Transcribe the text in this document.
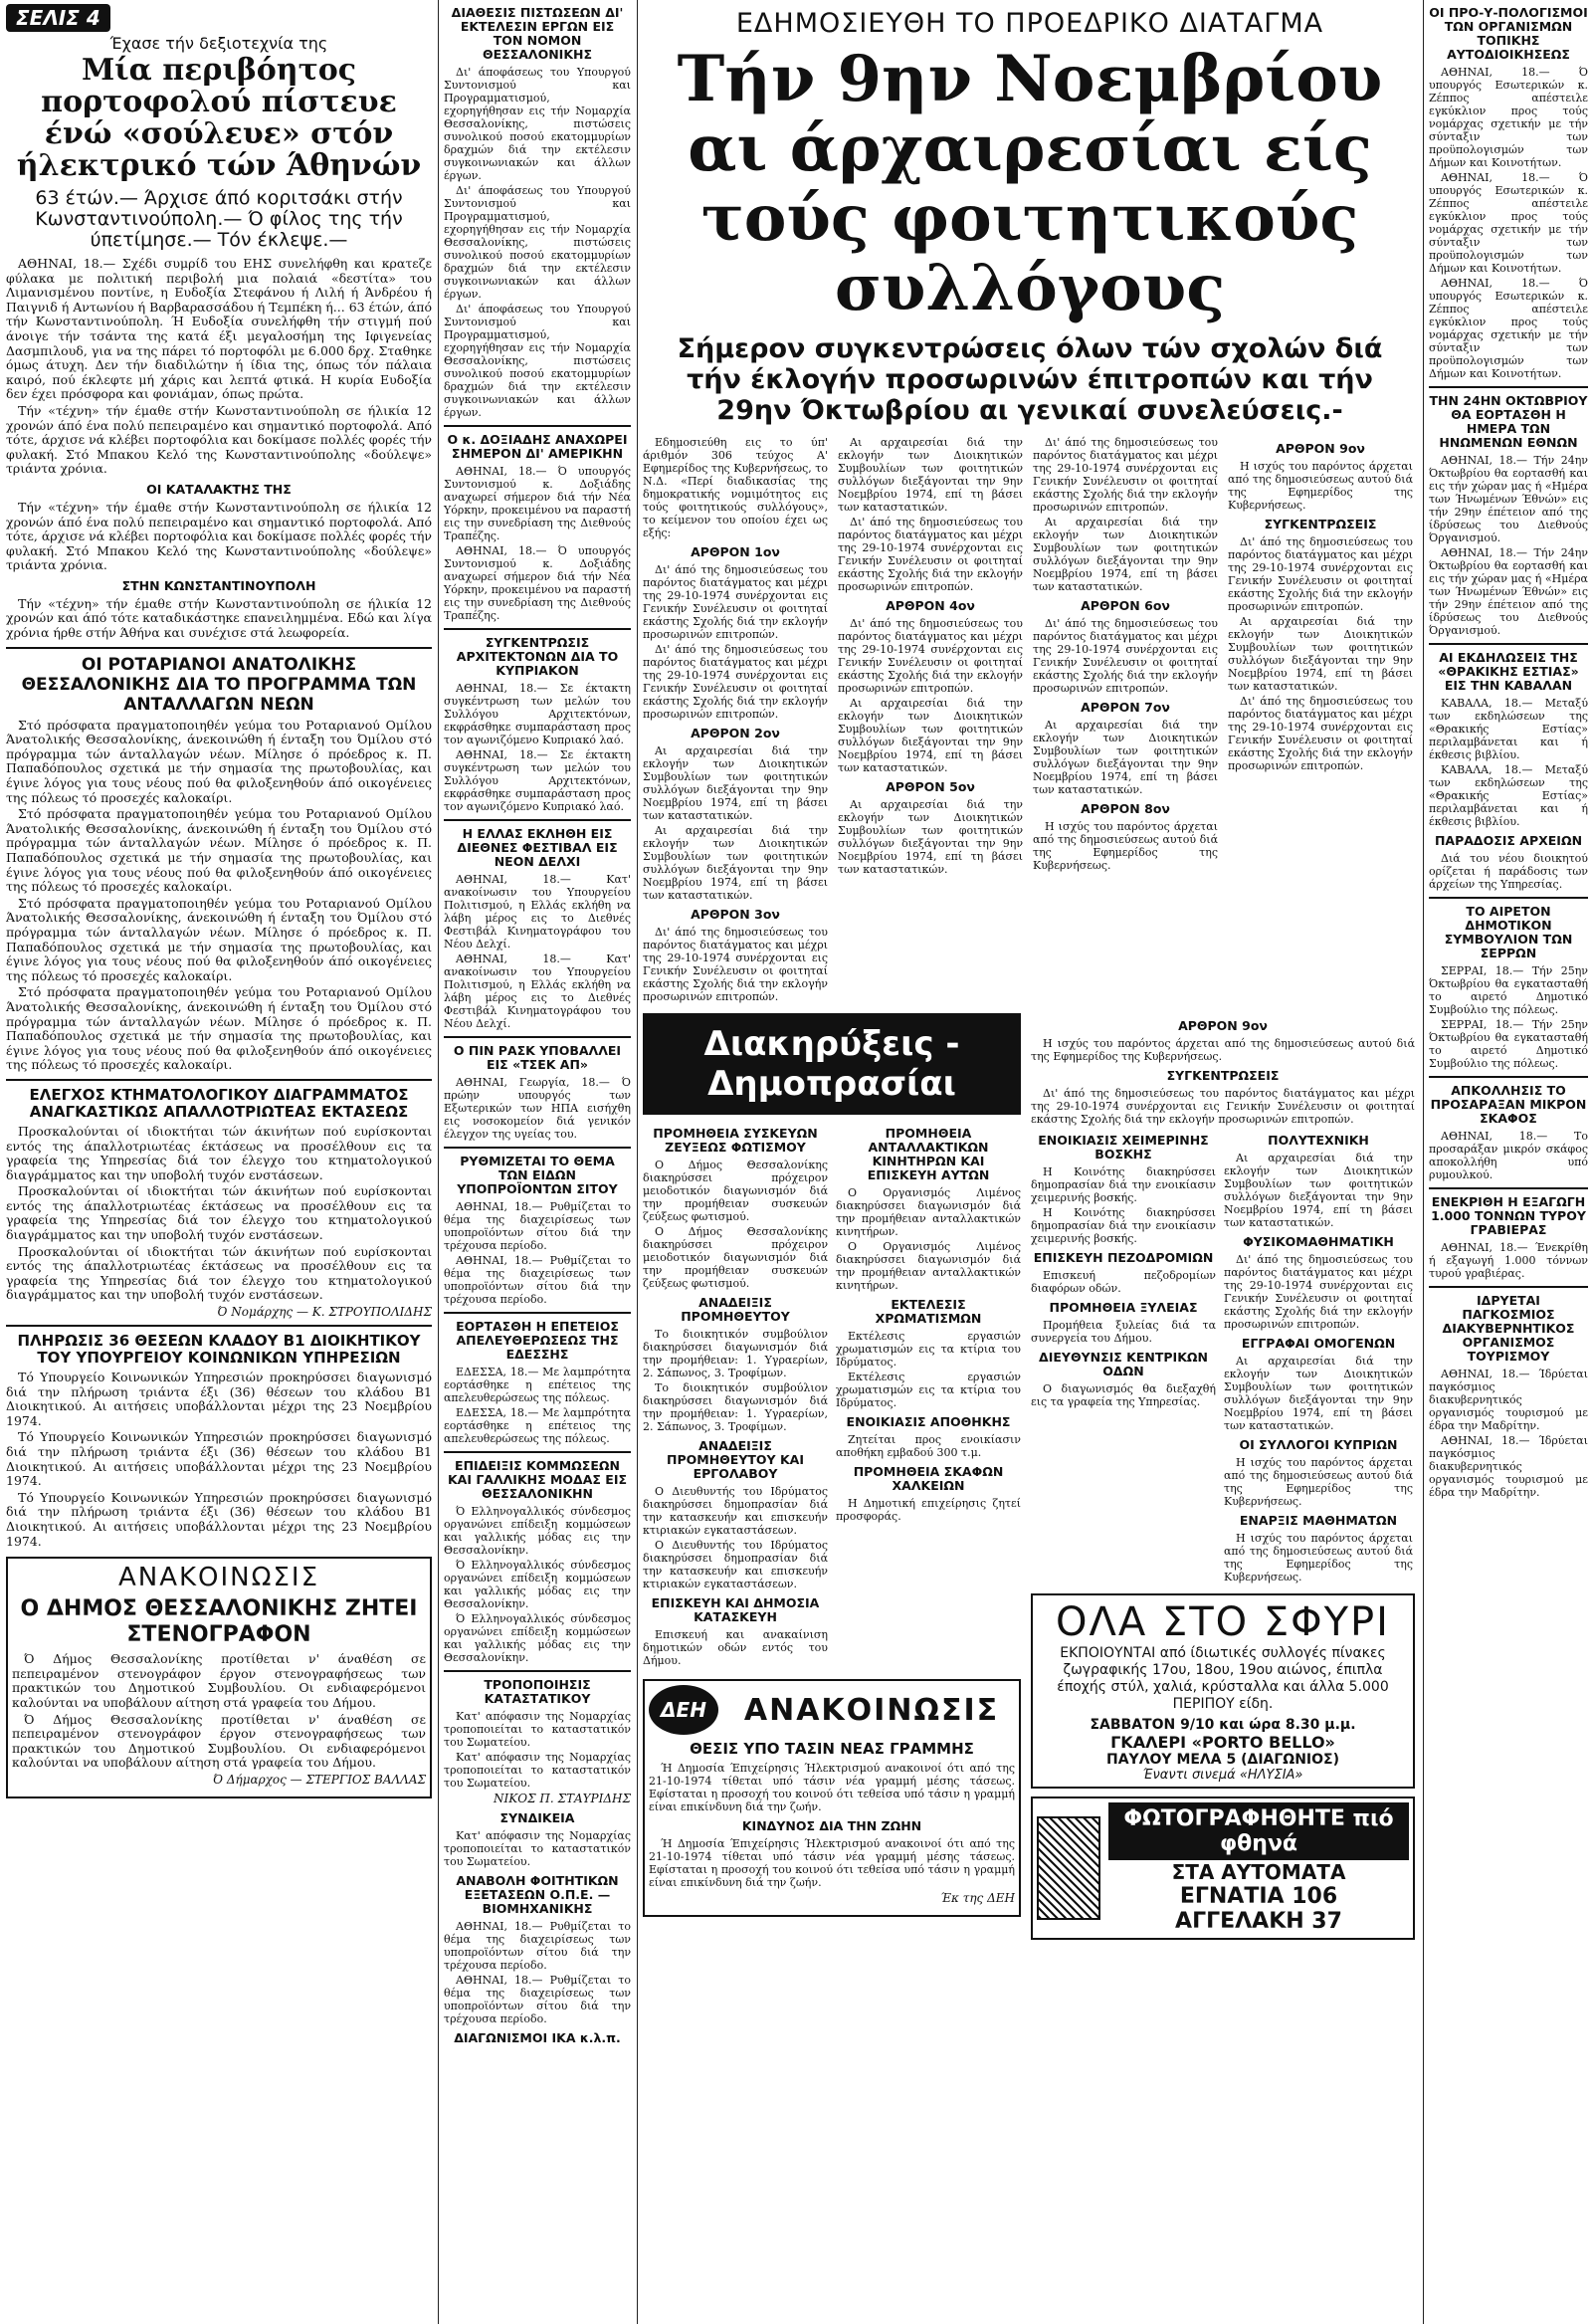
ΣΕΛΙΣ 4
Έχασε τήν δεξιοτεχνία της
Μία περιβόητος πορτοφολού πίστευε ένώ «σούλευε» στόν ήλεκτρικό τών Άθηνών
63 έτών.— Άρχισε άπό κοριτσάκι στήν Κωνσταντινούπολη.— Ό φίλος της τήν ύπετίμησε.— Τόν έκλεψε.—

ΑΘΗΝΑΙ, 18.— Σχέδι συμρίδ του ΕΗΣ συνελήφθη και κρατεζε φύλακα με πολιτική περιβολή μια πολαιά «δεστίτα» του Λιμανισμένου ποντίνε, η Ευδοξία Στεφάνου ή Λιλή ή Άνδρέου ή Παιγνιδ ή Αντωνίου ή Βαρβαρασσάδου ή Τεμπέκη ή... 63 έτών, άπό τήν Κωνσταντινούπολη. Ή Ευδοξία συνελήφθη τήν στιγμή πού άνοιγε τήν τσάντα της κατά έξι μεγαλοσήμη της Ιφιγενείας Δασμπιλουδ, για να της πάρει τό πορτοφόλι με 6.000 δρχ. Σταθηκε όμως άτυχη. Δεν τήν διαδιλώτην ή ίδια της, όπως τόν πάλαια καιρό, πού έκλεφτε μή χάρις και λεπτά φτικά. Η κυρία Ευδοξία δεν έχει πρόσφορα και φονιάμαν, όπως πρώτα.

Τήν «τέχνη» τήν έμαθε στήν Κωνσταντινούπολη σε ήλικία 12 χρονών άπό ένα πολύ πεπειραμένο και σημαντικό πορτοφολά. Από τότε, άρχισε νά κλέβει πορτοφόλια και δοκίμασε πολλές φορές τήν φυλακή. Στό Μπακου Κελό της Κωνσταντινούπολης «δούλεψε» τριάντα χρόνια.

ΟΙ ΚΑΤΑΛΑΚΤΗΣ ΤΗΣ

Τήν «τέχνη» τήν έμαθε στήν Κωνσταντινούπολη σε ήλικία 12 χρονών άπό ένα πολύ πεπειραμένο και σημαντικό πορτοφολά. Από τότε, άρχισε νά κλέβει πορτοφόλια και δοκίμασε πολλές φορές τήν φυλακή. Στό Μπακου Κελό της Κωνσταντινούπολης «δούλεψε» τριάντα χρόνια.

ΣΤΗΝ ΚΩΝΣΤΑΝΤΙΝΟΥΠΟΛΗ

Τήν «τέχνη» τήν έμαθε στήν Κωνσταντινούπολη σε ήλικία 12 χρονών και άπό τότε καταδικάστηκε επανειλημμένα. Εδώ και λίγα χρόνια ήρθε στήν Άθήνα και συνέχισε στά λεωφορεία.

ΟΙ ΡΟΤΑΡΙΑΝΟΙ ΑΝΑΤΟΛΙΚΗΣ ΘΕΣΣΑΛΟΝΙΚΗΣ ΔΙΑ ΤΟ ΠΡΟΓΡΑΜΜΑ ΤΩΝ ΑΝΤΑΛΛΑΓΩΝ ΝΕΩΝ

Στό πρόσφατα πραγματοποιηθέν γεύμα του Ροταριανού Ομίλου Άνατολικής Θεσσαλονίκης, άνεκοινώθη ή ένταξη του Όμίλου στό πρόγραμμα τών άνταλλαγών νέων. Μίλησε ό πρόεδρος κ. Π. Παπαδόπουλος σχετικά με τήν σημασία της πρωτοβουλίας, και έγινε λόγος για τους νέους πού θα φιλοξενηθούν άπό οικογένειες της πόλεως τό προσεχές καλοκαίρι.

Στό πρόσφατα πραγματοποιηθέν γεύμα του Ροταριανού Ομίλου Άνατολικής Θεσσαλονίκης, άνεκοινώθη ή ένταξη του Όμίλου στό πρόγραμμα τών άνταλλαγών νέων. Μίλησε ό πρόεδρος κ. Π. Παπαδόπουλος σχετικά με τήν σημασία της πρωτοβουλίας, και έγινε λόγος για τους νέους πού θα φιλοξενηθούν άπό οικογένειες της πόλεως τό προσεχές καλοκαίρι.

Στό πρόσφατα πραγματοποιηθέν γεύμα του Ροταριανού Ομίλου Άνατολικής Θεσσαλονίκης, άνεκοινώθη ή ένταξη του Όμίλου στό πρόγραμμα τών άνταλλαγών νέων. Μίλησε ό πρόεδρος κ. Π. Παπαδόπουλος σχετικά με τήν σημασία της πρωτοβουλίας, και έγινε λόγος για τους νέους πού θα φιλοξενηθούν άπό οικογένειες της πόλεως τό προσεχές καλοκαίρι.

Στό πρόσφατα πραγματοποιηθέν γεύμα του Ροταριανού Ομίλου Άνατολικής Θεσσαλονίκης, άνεκοινώθη ή ένταξη του Όμίλου στό πρόγραμμα τών άνταλλαγών νέων. Μίλησε ό πρόεδρος κ. Π. Παπαδόπουλος σχετικά με τήν σημασία της πρωτοβουλίας, και έγινε λόγος για τους νέους πού θα φιλοξενηθούν άπό οικογένειες της πόλεως τό προσεχές καλοκαίρι.

ΕΛΕΓΧΟΣ ΚΤΗΜΑΤΟΛΟΓΙΚΟΥ ΔΙΑΓΡΑΜΜΑΤΟΣ ΑΝΑΓΚΑΣΤΙΚΩΣ ΑΠΑΛΛΟΤΡΙΩΤΕΑΣ ΕΚΤΑΣΕΩΣ

Προσκαλούνται οί ιδιοκτήται τών άκινήτων πού ευρίσκονται εντός της άπαλλοτριωτέας έκτάσεως να προσέλθουν εις τα γραφεία της Υπηρεσίας διά τον έλεγχο του κτηματολογικού διαγράμματος και την υποβολή τυχόν ενστάσεων.

Προσκαλούνται οί ιδιοκτήται τών άκινήτων πού ευρίσκονται εντός της άπαλλοτριωτέας έκτάσεως να προσέλθουν εις τα γραφεία της Υπηρεσίας διά τον έλεγχο του κτηματολογικού διαγράμματος και την υποβολή τυχόν ενστάσεων.

Προσκαλούνται οί ιδιοκτήται τών άκινήτων πού ευρίσκονται εντός της άπαλλοτριωτέας έκτάσεως να προσέλθουν εις τα γραφεία της Υπηρεσίας διά τον έλεγχο του κτηματολογικού διαγράμματος και την υποβολή τυχόν ενστάσεων.

Ό Νομάρχης — Κ. ΣΤΡΟΥΠΟΛΙΔΗΣ
ΠΛΗΡΩΣΙΣ 36 ΘΕΣΕΩΝ ΚΛΑΔΟΥ Β1 ΔΙΟΙΚΗΤΙΚΟΥ ΤΟΥ ΥΠΟΥΡΓΕΙΟΥ ΚΟΙΝΩΝΙΚΩΝ ΥΠΗΡΕΣΙΩΝ

Τό Υπουργείο Κοινωνικών Υπηρεσιών προκηρύσσει διαγωνισμό διά την πλήρωση τριάντα έξι (36) θέσεων του κλάδου Β1 Διοικητικού. Αι αιτήσεις υποβάλλονται μέχρι της 23 Νοεμβρίου 1974.

Τό Υπουργείο Κοινωνικών Υπηρεσιών προκηρύσσει διαγωνισμό διά την πλήρωση τριάντα έξι (36) θέσεων του κλάδου Β1 Διοικητικού. Αι αιτήσεις υποβάλλονται μέχρι της 23 Νοεμβρίου 1974.

Τό Υπουργείο Κοινωνικών Υπηρεσιών προκηρύσσει διαγωνισμό διά την πλήρωση τριάντα έξι (36) θέσεων του κλάδου Β1 Διοικητικού. Αι αιτήσεις υποβάλλονται μέχρι της 23 Νοεμβρίου 1974.

ΑΝΑΚΟΙΝΩΣΙΣ
Ο ΔΗΜΟΣ ΘΕΣΣΑΛΟΝΙΚΗΣ ΖΗΤΕΙ ΣΤΕΝΟΓΡΑΦΟΝ

Ό Δήμος Θεσσαλονίκης προτίθεται ν' άναθέση σε πεπειραμένον στενογράφον έργον στενογραφήσεως των πρακτικών του Δημοτικού Συμβουλίου. Οι ενδιαφερόμενοι καλούνται να υποβάλουν αίτηση στά γραφεία του Δήμου.

Ό Δήμος Θεσσαλονίκης προτίθεται ν' άναθέση σε πεπειραμένον στενογράφον έργον στενογραφήσεως των πρακτικών του Δημοτικού Συμβουλίου. Οι ενδιαφερόμενοι καλούνται να υποβάλουν αίτηση στά γραφεία του Δήμου.

Ό Δήμαρχος — ΣΤΕΡΓΙΟΣ ΒΑΛΛΑΣ
ΔΙΑΘΕΣΙΣ ΠΙΣΤΩΣΕΩΝ ΔΙ' ΕΚΤΕΛΕΣΙΝ ΕΡΓΩΝ ΕΙΣ ΤΟΝ ΝΟΜΟΝ ΘΕΣΣΑΛΟΝΙΚΗΣ

Δι' άποφάσεως του Υπουργού Συντονισμού και Προγραμματισμού, εχορηγήθησαν εις τήν Νομαρχία Θεσσαλονίκης, πιστώσεις συνολικού ποσού εκατομμυρίων δραχμών διά την εκτέλεσιν συγκοινωνιακών και άλλων έργων.

Δι' άποφάσεως του Υπουργού Συντονισμού και Προγραμματισμού, εχορηγήθησαν εις τήν Νομαρχία Θεσσαλονίκης, πιστώσεις συνολικού ποσού εκατομμυρίων δραχμών διά την εκτέλεσιν συγκοινωνιακών και άλλων έργων.

Δι' άποφάσεως του Υπουργού Συντονισμού και Προγραμματισμού, εχορηγήθησαν εις τήν Νομαρχία Θεσσαλονίκης, πιστώσεις συνολικού ποσού εκατομμυρίων δραχμών διά την εκτέλεσιν συγκοινωνιακών και άλλων έργων.

Ο κ. ΔΟΞΙΑΔΗΣ ΑΝΑΧΩΡΕΙ ΣΗΜΕΡΟΝ ΔΙ' ΑΜΕΡΙΚΗΝ

ΑΘΗΝΑΙ, 18.— Ό υπουργός Συντονισμού κ. Δοξιάδης αναχωρεί σήμερον διά τήν Νέα Υόρκην, προκειμένου να παραστή εις την συνεδρίαση της Διεθνούς Τραπέζης.

ΑΘΗΝΑΙ, 18.— Ό υπουργός Συντονισμού κ. Δοξιάδης αναχωρεί σήμερον διά τήν Νέα Υόρκην, προκειμένου να παραστή εις την συνεδρίαση της Διεθνούς Τραπέζης.

ΣΥΓΚΕΝΤΡΩΣΙΣ ΑΡΧΙΤΕΚΤΟΝΩΝ ΔΙΑ ΤΟ ΚΥΠΡΙΑΚΟΝ

ΑΘΗΝΑΙ, 18.— Σε έκτακτη συγκέντρωση των μελών του Συλλόγου Αρχιτεκτόνων, εκφράσθηκε συμπαράσταση προς τον αγωνιζόμενο Κυπριακό λαό.

ΑΘΗΝΑΙ, 18.— Σε έκτακτη συγκέντρωση των μελών του Συλλόγου Αρχιτεκτόνων, εκφράσθηκε συμπαράσταση προς τον αγωνιζόμενο Κυπριακό λαό.

Η ΕΛΛΑΣ ΕΚΛΗΘΗ ΕΙΣ ΔΙΕΘΝΕΣ ΦΕΣΤΙΒΑΛ ΕΙΣ ΝΕΟΝ ΔΕΛΧΙ

ΑΘΗΝΑΙ, 18.— Κατ' ανακοίνωσιν του Υπουργείου Πολιτισμού, η Ελλάς εκλήθη να λάβη μέρος εις το Διεθνές Φεστιβάλ Κινηματογράφου του Νέου Δελχί.

ΑΘΗΝΑΙ, 18.— Κατ' ανακοίνωσιν του Υπουργείου Πολιτισμού, η Ελλάς εκλήθη να λάβη μέρος εις το Διεθνές Φεστιβάλ Κινηματογράφου του Νέου Δελχί.

Ο ΠΙΝ ΡΑΣΚ ΥΠΟΒΑΛΛΕΙ ΕΙΣ «ΤΣΕΚ ΑΠ»

ΑΘΗΝΑΙ, Γεωργία, 18.— Ό πρώην υπουργός των Εξωτερικών των ΗΠΑ εισήχθη εις νοσοκομείον διά γενικόν έλεγχον της υγείας του.

ΡΥΘΜΙΖΕΤΑΙ ΤΟ ΘΕΜΑ ΤΩΝ ΕΙΔΩΝ ΥΠΟΠΡΟΪΟΝΤΩΝ ΣΙΤΟΥ

ΑΘΗΝΑΙ, 18.— Ρυθμίζεται το θέμα της διαχειρίσεως των υποπροϊόντων σίτου διά την τρέχουσα περίοδο.

ΑΘΗΝΑΙ, 18.— Ρυθμίζεται το θέμα της διαχειρίσεως των υποπροϊόντων σίτου διά την τρέχουσα περίοδο.

ΕΟΡΤΑΣΘΗ Η ΕΠΕΤΕΙΟΣ ΑΠΕΛΕΥΘΕΡΩΣΕΩΣ ΤΗΣ ΕΔΕΣΣΗΣ

ΕΔΕΣΣΑ, 18.— Με λαμπρότητα εορτάσθηκε η επέτειος της απελευθερώσεως της πόλεως.

ΕΔΕΣΣΑ, 18.— Με λαμπρότητα εορτάσθηκε η επέτειος της απελευθερώσεως της πόλεως.

ΕΠΙΔΕΙΞΙΣ ΚΟΜΜΩΣΕΩΝ ΚΑΙ ΓΑΛΛΙΚΗΣ ΜΟΔΑΣ ΕΙΣ ΘΕΣΣΑΛΟΝΙΚΗΝ

Ό Ελληνογαλλικός σύνδεσμος οργανώνει επίδειξη κομμώσεων και γαλλικής μόδας εις την Θεσσαλονίκην.

Ό Ελληνογαλλικός σύνδεσμος οργανώνει επίδειξη κομμώσεων και γαλλικής μόδας εις την Θεσσαλονίκην.

Ό Ελληνογαλλικός σύνδεσμος οργανώνει επίδειξη κομμώσεων και γαλλικής μόδας εις την Θεσσαλονίκην.

ΤΡΟΠΟΠΟΙΗΣΙΣ ΚΑΤΑΣΤΑΤΙΚΟΥ

Κατ' απόφασιν της Νομαρχίας τροποποιείται το καταστατικόν του Σωματείου.

Κατ' απόφασιν της Νομαρχίας τροποποιείται το καταστατικόν του Σωματείου.

ΝΙΚΟΣ Π. ΣΤΑΥΡΙΔΗΣ
ΣΥΝΔΙΚΕΙΑ

Κατ' απόφασιν της Νομαρχίας τροποποιείται το καταστατικόν του Σωματείου.

ΑΝΑΒΟΛΗ ΦΟΙΤΗΤΙΚΩΝ ΕΞΕΤΑΣΕΩΝ Ο.Π.Ε. — ΒΙΟΜΗΧΑΝΙΚΗΣ

ΑΘΗΝΑΙ, 18.— Ρυθμίζεται το θέμα της διαχειρίσεως των υποπροϊόντων σίτου διά την τρέχουσα περίοδο.

ΑΘΗΝΑΙ, 18.— Ρυθμίζεται το θέμα της διαχειρίσεως των υποπροϊόντων σίτου διά την τρέχουσα περίοδο.

ΔΙΑΓΩΝΙΣΜΟΙ ΙΚΑ κ.λ.π.
ΕΔΗΜΟΣΙΕΥΘΗ ΤΟ ΠΡΟΕΔΡΙΚΟ ΔΙΑΤΑΓΜΑ
Τήν 9ην Νοεμβρίου αι άρχαιρεσίαι είς τούς φοιτητικούς συλλόγους
Σήμερον συγκεντρώσεις όλων τών σχολών διά τήν έκλογήν προσωρινών έπιτροπών και τήν 29ην Όκτωβρίου αι γενικαί συνελεύσεις.-

Εδημοσιεύθη εις το ύπ' άριθμόν 306 τεύχος Α' Εφημερίδος της Κυβερνήσεως, το Ν.Δ. «Περί διαδικασίας της δημοκρατικής νομιμότητος εις τούς φοιτητικούς συλλόγους», το κείμενον του οποίου έχει ως εξής:

ΑΡΘΡΟΝ 1ον

Δι' άπό της δημοσιεύσεως του παρόντος διατάγματος και μέχρι της 29-10-1974 συνέρχονται εις Γενικήν Συνέλευσιν οι φοιτηταί εκάστης Σχολής διά την εκλογήν προσωρινών επιτροπών.

Δι' άπό της δημοσιεύσεως του παρόντος διατάγματος και μέχρι της 29-10-1974 συνέρχονται εις Γενικήν Συνέλευσιν οι φοιτηταί εκάστης Σχολής διά την εκλογήν προσωρινών επιτροπών.

ΑΡΘΡΟΝ 2ον

Αι αρχαιρεσίαι διά την εκλογήν των Διοικητικών Συμβουλίων των φοιτητικών συλλόγων διεξάγονται την 9ην Νοεμβρίου 1974, επί τη βάσει των καταστατικών.

Αι αρχαιρεσίαι διά την εκλογήν των Διοικητικών Συμβουλίων των φοιτητικών συλλόγων διεξάγονται την 9ην Νοεμβρίου 1974, επί τη βάσει των καταστατικών.

ΑΡΘΡΟΝ 3ον

Δι' άπό της δημοσιεύσεως του παρόντος διατάγματος και μέχρι της 29-10-1974 συνέρχονται εις Γενικήν Συνέλευσιν οι φοιτηταί εκάστης Σχολής διά την εκλογήν προσωρινών επιτροπών.

Αι αρχαιρεσίαι διά την εκλογήν των Διοικητικών Συμβουλίων των φοιτητικών συλλόγων διεξάγονται την 9ην Νοεμβρίου 1974, επί τη βάσει των καταστατικών.

Δι' άπό της δημοσιεύσεως του παρόντος διατάγματος και μέχρι της 29-10-1974 συνέρχονται εις Γενικήν Συνέλευσιν οι φοιτηταί εκάστης Σχολής διά την εκλογήν προσωρινών επιτροπών.

ΑΡΘΡΟΝ 4ον

Δι' άπό της δημοσιεύσεως του παρόντος διατάγματος και μέχρι της 29-10-1974 συνέρχονται εις Γενικήν Συνέλευσιν οι φοιτηταί εκάστης Σχολής διά την εκλογήν προσωρινών επιτροπών.

Αι αρχαιρεσίαι διά την εκλογήν των Διοικητικών Συμβουλίων των φοιτητικών συλλόγων διεξάγονται την 9ην Νοεμβρίου 1974, επί τη βάσει των καταστατικών.

ΑΡΘΡΟΝ 5ον

Αι αρχαιρεσίαι διά την εκλογήν των Διοικητικών Συμβουλίων των φοιτητικών συλλόγων διεξάγονται την 9ην Νοεμβρίου 1974, επί τη βάσει των καταστατικών.

Δι' άπό της δημοσιεύσεως του παρόντος διατάγματος και μέχρι της 29-10-1974 συνέρχονται εις Γενικήν Συνέλευσιν οι φοιτηταί εκάστης Σχολής διά την εκλογήν προσωρινών επιτροπών.

Αι αρχαιρεσίαι διά την εκλογήν των Διοικητικών Συμβουλίων των φοιτητικών συλλόγων διεξάγονται την 9ην Νοεμβρίου 1974, επί τη βάσει των καταστατικών.

ΑΡΘΡΟΝ 6ον

Δι' άπό της δημοσιεύσεως του παρόντος διατάγματος και μέχρι της 29-10-1974 συνέρχονται εις Γενικήν Συνέλευσιν οι φοιτηταί εκάστης Σχολής διά την εκλογήν προσωρινών επιτροπών.

ΑΡΘΡΟΝ 7ον

Αι αρχαιρεσίαι διά την εκλογήν των Διοικητικών Συμβουλίων των φοιτητικών συλλόγων διεξάγονται την 9ην Νοεμβρίου 1974, επί τη βάσει των καταστατικών.

ΑΡΘΡΟΝ 8ον

Η ισχύς του παρόντος άρχεται από της δημοσιεύσεως αυτού διά της Εφημερίδος της Κυβερνήσεως.

ΑΡΘΡΟΝ 9ον

Η ισχύς του παρόντος άρχεται από της δημοσιεύσεως αυτού διά της Εφημερίδος της Κυβερνήσεως.

ΣΥΓΚΕΝΤΡΩΣΕΙΣ

Δι' άπό της δημοσιεύσεως του παρόντος διατάγματος και μέχρι της 29-10-1974 συνέρχονται εις Γενικήν Συνέλευσιν οι φοιτηταί εκάστης Σχολής διά την εκλογήν προσωρινών επιτροπών.

Αι αρχαιρεσίαι διά την εκλογήν των Διοικητικών Συμβουλίων των φοιτητικών συλλόγων διεξάγονται την 9ην Νοεμβρίου 1974, επί τη βάσει των καταστατικών.

Δι' άπό της δημοσιεύσεως του παρόντος διατάγματος και μέχρι της 29-10-1974 συνέρχονται εις Γενικήν Συνέλευσιν οι φοιτηταί εκάστης Σχολής διά την εκλογήν προσωρινών επιτροπών.

Διακηρύξεις - Δημοπρασίαι
ΠΡΟΜΗΘΕΙΑ ΣΥΣΚΕΥΩΝ ΖΕΥΞΕΩΣ ΦΩΤΙΣΜΟΥ

Ο Δήμος Θεσσαλονίκης διακηρύσσει πρόχειρον μειοδοτικόν διαγωνισμόν διά την προμήθειαν συσκευών ζεύξεως φωτισμού.

Ο Δήμος Θεσσαλονίκης διακηρύσσει πρόχειρον μειοδοτικόν διαγωνισμόν διά την προμήθειαν συσκευών ζεύξεως φωτισμού.

ΑΝΑΔΕΙΞΙΣ ΠΡΟΜΗΘΕΥΤΟΥ

Το διοικητικόν συμβούλιον διακηρύσσει διαγωνισμόν διά την προμήθειαν: 1. Υγραερίων, 2. Σάπωνος, 3. Τροφίμων.

Το διοικητικόν συμβούλιον διακηρύσσει διαγωνισμόν διά την προμήθειαν: 1. Υγραερίων, 2. Σάπωνος, 3. Τροφίμων.

ΑΝΑΔΕΙΞΙΣ ΠΡΟΜΗΘΕΥΤΟΥ ΚΑΙ ΕΡΓΟΛΑΒΟΥ

Ο Διευθυντής του Ιδρύματος διακηρύσσει δημοπρασίαν διά την κατασκευήν και επισκευήν κτιριακών εγκαταστάσεων.

Ο Διευθυντής του Ιδρύματος διακηρύσσει δημοπρασίαν διά την κατασκευήν και επισκευήν κτιριακών εγκαταστάσεων.

ΕΠΙΣΚΕΥΗ ΚΑΙ ΔΗΜΟΣΙΑ ΚΑΤΑΣΚΕΥΗ

Επισκευή και ανακαίνιση δημοτικών οδών εντός του Δήμου.

ΠΡΟΜΗΘΕΙΑ ΑΝΤΑΛΛΑΚΤΙΚΩΝ ΚΙΝΗΤΗΡΩΝ ΚΑΙ ΕΠΙΣΚΕΥΗ ΑΥΤΩΝ

Ο Οργανισμός Λιμένος διακηρύσσει διαγωνισμόν διά την προμήθειαν ανταλλακτικών κινητήρων.

Ο Οργανισμός Λιμένος διακηρύσσει διαγωνισμόν διά την προμήθειαν ανταλλακτικών κινητήρων.

ΕΚΤΕΛΕΣΙΣ ΧΡΩΜΑΤΙΣΜΩΝ

Εκτέλεσις εργασιών χρωματισμών εις τα κτίρια του Ιδρύματος.

Εκτέλεσις εργασιών χρωματισμών εις τα κτίρια του Ιδρύματος.

ΕΝΟΙΚΙΑΣΙΣ ΑΠΟΘΗΚΗΣ

Ζητείται προς ενοικίασιν αποθήκη εμβαδού 300 τ.μ.

ΠΡΟΜΗΘΕΙΑ ΣΚΑΦΩΝ ΧΑΛΚΕΙΩΝ

Η Δημοτική επιχείρησις ζητεί προσφοράς.

ΔΕΗ	ΑΝΑΚΟΙΝΩΣΙΣ
ΘΕΣΙΣ ΥΠΟ ΤΑΣΙΝ ΝΕΑΣ ΓΡΑΜΜΗΣ

Ή Δημοσία Έπιχείρησις Ήλεκτρισμού ανακοινοί ότι από της 21-10-1974 τίθεται υπό τάσιν νέα γραμμή μέσης τάσεως. Εφίσταται η προσοχή του κοινού ότι τεθείσα υπό τάσιν η γραμμή είναι επικίνδυνη διά την ζωήν.

ΚΙΝΔΥΝΟΣ ΔΙΑ ΤΗΝ ΖΩΗΝ

Ή Δημοσία Έπιχείρησις Ήλεκτρισμού ανακοινοί ότι από της 21-10-1974 τίθεται υπό τάσιν νέα γραμμή μέσης τάσεως. Εφίσταται η προσοχή του κοινού ότι τεθείσα υπό τάσιν η γραμμή είναι επικίνδυνη διά την ζωήν.

Έκ της ΔΕΗ
ΑΡΘΡΟΝ 9ον

Η ισχύς του παρόντος άρχεται από της δημοσιεύσεως αυτού διά της Εφημερίδος της Κυβερνήσεως.

ΣΥΓΚΕΝΤΡΩΣΕΙΣ

Δι' άπό της δημοσιεύσεως του παρόντος διατάγματος και μέχρι της 29-10-1974 συνέρχονται εις Γενικήν Συνέλευσιν οι φοιτηταί εκάστης Σχολής διά την εκλογήν προσωρινών επιτροπών.

ΕΝΟΙΚΙΑΣΙΣ ΧΕΙΜΕΡΙΝΗΣ ΒΟΣΚΗΣ

Η Κοινότης διακηρύσσει δημοπρασίαν διά την ενοικίασιν χειμερινής βοσκής.

Η Κοινότης διακηρύσσει δημοπρασίαν διά την ενοικίασιν χειμερινής βοσκής.

ΕΠΙΣΚΕΥΗ ΠΕΖΟΔΡΟΜΙΩΝ

Επισκευή πεζοδρομίων διαφόρων οδών.

ΠΡΟΜΗΘΕΙΑ ΞΥΛΕΙΑΣ

Προμήθεια ξυλείας διά τα συνεργεία του Δήμου.

ΔΙΕΥΘΥΝΣΙΣ ΚΕΝΤΡΙΚΩΝ ΟΔΩΝ

Ο διαγωνισμός θα διεξαχθή εις τα γραφεία της Υπηρεσίας.

ΠΟΛΥΤΕΧΝΙΚΗ

Αι αρχαιρεσίαι διά την εκλογήν των Διοικητικών Συμβουλίων των φοιτητικών συλλόγων διεξάγονται την 9ην Νοεμβρίου 1974, επί τη βάσει των καταστατικών.

ΦΥΣΙΚΟΜΑΘΗΜΑΤΙΚΗ

Δι' άπό της δημοσιεύσεως του παρόντος διατάγματος και μέχρι της 29-10-1974 συνέρχονται εις Γενικήν Συνέλευσιν οι φοιτηταί εκάστης Σχολής διά την εκλογήν προσωρινών επιτροπών.

ΕΓΓΡΑΦΑΙ ΟΜΟΓΕΝΩΝ

Αι αρχαιρεσίαι διά την εκλογήν των Διοικητικών Συμβουλίων των φοιτητικών συλλόγων διεξάγονται την 9ην Νοεμβρίου 1974, επί τη βάσει των καταστατικών.

ΟΙ ΣΥΛΛΟΓΟΙ ΚΥΠΡΙΩΝ

Η ισχύς του παρόντος άρχεται από της δημοσιεύσεως αυτού διά της Εφημερίδος της Κυβερνήσεως.

ΕΝΑΡΞΙΣ ΜΑΘΗΜΑΤΩΝ

Η ισχύς του παρόντος άρχεται από της δημοσιεύσεως αυτού διά της Εφημερίδος της Κυβερνήσεως.

ΟΛΑ ΣΤΟ ΣΦΥΡΙ
ΕΚΠΟΙΟΥΝΤΑΙ από ίδιωτικές συλλογές πίνακες ζωγραφικής 17ου, 18ου, 19ου αιώνος, έπιπλα έποχής στύλ, χαλιά, κρύσταλλα και άλλα 5.000 ΠΕΡΙΠΟΥ είδη.
ΣΑΒΒΑΤΟΝ 9/10 και ώρα 8.30 μ.μ.
ΓΚΑΛΕΡΙ «PORTO BELLO»
ΠΑΥΛΟΥ ΜΕΛΑ 5 (ΔΙΑΓΩΝΙΟΣ)
Έναντι σινεμά «ΗΛΥΣΙΑ»
ΦΩΤΟΓΡΑΦΗΘΗΤΕ πιό φθηνά
ΣΤΑ ΑΥΤΟΜΑΤΑ
ΕΓΝΑΤΙΑ 106
ΑΓΓΕΛΑΚΗ 37
ΟΙ ΠΡΟ-Υ-ΠΟΛΟΓΙΣΜΟΙ ΤΩΝ ΟΡΓΑΝΙΣΜΩΝ ΤΟΠΙΚΗΣ ΑΥΤΟΔΙΟΙΚΗΣΕΩΣ

ΑΘΗΝΑΙ, 18.— Ό υπουργός Εσωτερικών κ. Ζέππος απέστειλε εγκύκλιον προς τούς νομάρχας σχετικήν με τήν σύνταξιν των προϋπολογισμών των Δήμων και Κοινοτήτων.

ΑΘΗΝΑΙ, 18.— Ό υπουργός Εσωτερικών κ. Ζέππος απέστειλε εγκύκλιον προς τούς νομάρχας σχετικήν με τήν σύνταξιν των προϋπολογισμών των Δήμων και Κοινοτήτων.

ΑΘΗΝΑΙ, 18.— Ό υπουργός Εσωτερικών κ. Ζέππος απέστειλε εγκύκλιον προς τούς νομάρχας σχετικήν με τήν σύνταξιν των προϋπολογισμών των Δήμων και Κοινοτήτων.

ΤΗΝ 24ΗΝ ΟΚΤΩΒΡΙΟΥ ΘΑ ΕΟΡΤΑΣΘΗ Η ΗΜΕΡΑ ΤΩΝ ΗΝΩΜΕΝΩΝ ΕΘΝΩΝ

ΑΘΗΝΑΙ, 18.— Τήν 24ην Όκτωβρίου θα εορτασθή και εις τήν χώραν μας ή «Ημέρα των Ήνωμένων Έθνών» εις τήν 29ην έπέτειον από της ίδρύσεως του Διεθνούς Όργανισμού.

ΑΘΗΝΑΙ, 18.— Τήν 24ην Όκτωβρίου θα εορτασθή και εις τήν χώραν μας ή «Ημέρα των Ήνωμένων Έθνών» εις τήν 29ην έπέτειον από της ίδρύσεως του Διεθνούς Όργανισμού.

ΑΙ ΕΚΔΗΛΩΣΕΙΣ ΤΗΣ «ΘΡΑΚΙΚΗΣ ΕΣΤΙΑΣ» ΕΙΣ ΤΗΝ ΚΑΒΑΛΑΝ

ΚΑΒΑΛΑ, 18.— Μεταξύ των εκδηλώσεων της «Θρακικής Εστίας» περιλαμβάνεται και ή έκθεσις βιβλίου.

ΚΑΒΑΛΑ, 18.— Μεταξύ των εκδηλώσεων της «Θρακικής Εστίας» περιλαμβάνεται και ή έκθεσις βιβλίου.

ΠΑΡΑΔΟΣΙΣ ΑΡΧΕΙΩΝ

Διά του νέου διοικητού ορίζεται ή παράδοσις των άρχείων της Υπηρεσίας.

ΤΟ ΑΙΡΕΤΟΝ ΔΗΜΟΤΙΚΟΝ ΣΥΜΒΟΥΛΙΟΝ ΤΩΝ ΣΕΡΡΩΝ

ΣΕΡΡΑΙ, 18.— Τήν 25ην Όκτωβρίου θα εγκατασταθή το αιρετό Δημοτικό Συμβούλιο της πόλεως.

ΣΕΡΡΑΙ, 18.— Τήν 25ην Όκτωβρίου θα εγκατασταθή το αιρετό Δημοτικό Συμβούλιο της πόλεως.

ΑΠΚΟΛΛΗΣΙΣ ΤΟ ΠΡΟΣΑΡΑΞΑΝ ΜΙΚΡΟΝ ΣΚΑΦΟΣ

ΑΘΗΝΑΙ, 18.— Το προσαράξαν μικρόν σκάφος αποκολλήθη υπό ρυμουλκού.

ΕΝΕΚΡΙΘΗ Η ΕΞΑΓΩΓΗ 1.000 ΤΟΝΝΩΝ ΤΥΡΟΥ ΓΡΑΒΙΕΡΑΣ

ΑΘΗΝΑΙ, 18.— Ένεκρίθη ή εξαγωγή 1.000 τόννων τυρού γραβιέρας.

ΙΔΡΥΕΤΑΙ ΠΑΓΚΟΣΜΙΟΣ ΔΙΑΚΥΒΕΡΝΗΤΙΚΟΣ ΟΡΓΑΝΙΣΜΟΣ ΤΟΥΡΙΣΜΟΥ

ΑΘΗΝΑΙ, 18.— Ίδρύεται παγκόσμιος διακυβερνητικός οργανισμός τουρισμού με έδρα την Μαδρίτην.

ΑΘΗΝΑΙ, 18.— Ίδρύεται παγκόσμιος διακυβερνητικός οργανισμός τουρισμού με έδρα την Μαδρίτην.
